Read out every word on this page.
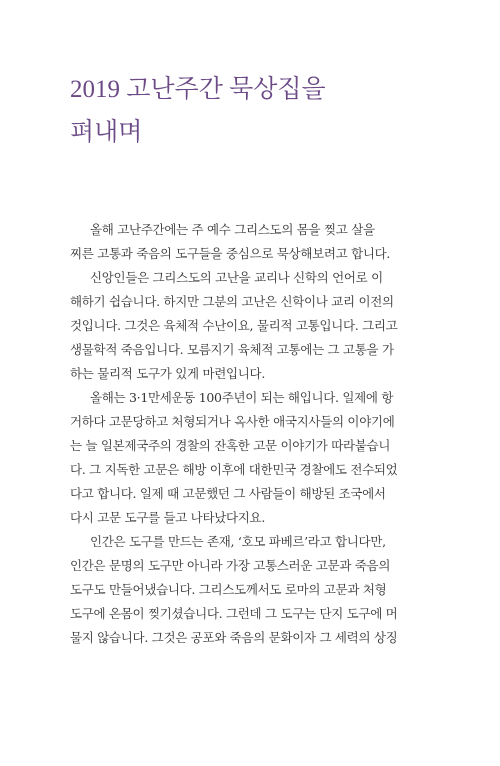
2019 고난주간 묵상집을
펴내며
올해 고난주간에는 주 예수 그리스도의 몸을 찢고 살을
찌른 고통과 죽음의 도구들을 중심으로 묵상해보려고 합니다.
신앙인들은 그리스도의 고난을 교리나 신학의 언어로 이
해하기 쉽습니다. 하지만 그분의 고난은 신학이나 교리 이전의
것입니다. 그것은 육체적 수난이요, 물리적 고통입니다. 그리고
생물학적 죽음입니다. 모름지기 육체적 고통에는 그 고통을 가
하는 물리적 도구가 있게 마련입니다.
올해는 3·1만세운동 100주년이 되는 해입니다. 일제에 항
거하다 고문당하고 처형되거나 옥사한 애국지사들의 이야기에
는 늘 일본제국주의 경찰의 잔혹한 고문 이야기가 따라붙습니
다. 그 지독한 고문은 해방 이후에 대한민국 경찰에도 전수되었
다고 합니다. 일제 때 고문했던 그 사람들이 해방된 조국에서
다시 고문 도구를 들고 나타났다지요.
인간은 도구를 만드는 존재, ‘호모 파베르’라고 합니다만,
인간은 문명의 도구만 아니라 가장 고통스러운 고문과 죽음의
도구도 만들어냈습니다. 그리스도께서도 로마의 고문과 처형
도구에 온몸이 찢기셨습니다. 그런데 그 도구는 단지 도구에 머
물지 않습니다. 그것은 공포와 죽음의 문화이자 그 세력의 상징
